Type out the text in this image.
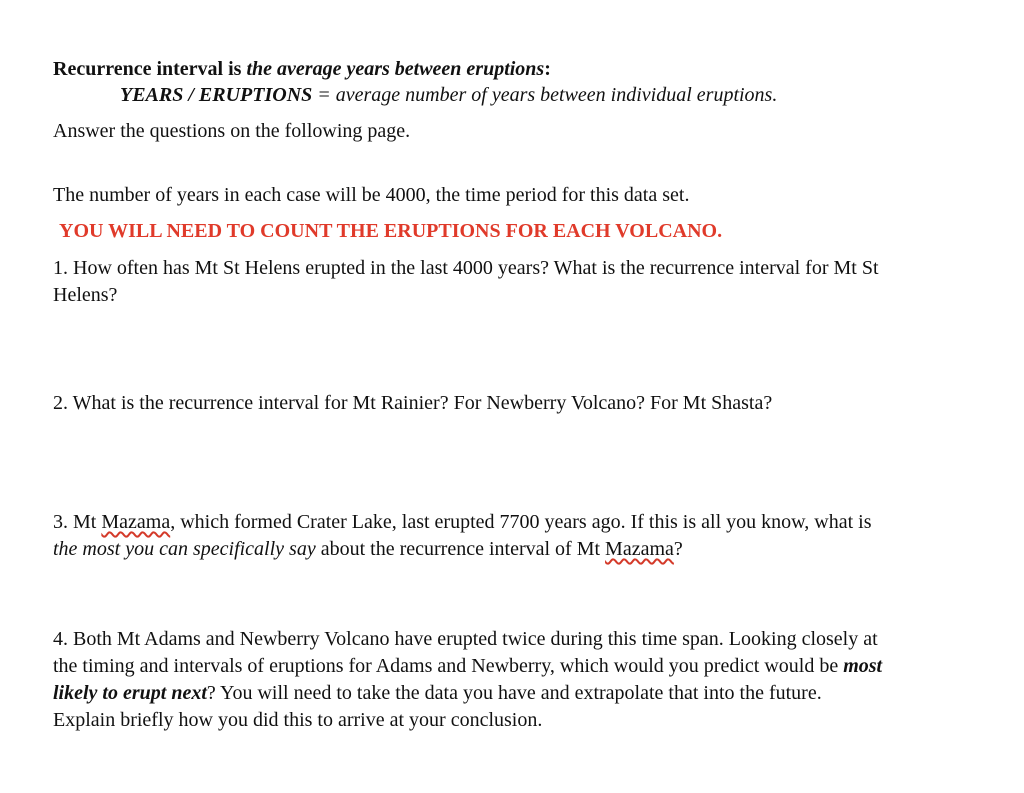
Recurrence interval is the average years between eruptions:
YEARS / ERUPTIONS = average number of years between individual eruptions.
Answer the questions on the following page.
The number of years in each case will be 4000, the time period for this data set.
YOU WILL NEED TO COUNT THE ERUPTIONS FOR EACH VOLCANO.
1. How often has Mt St Helens erupted in the last 4000 years? What is the recurrence interval for Mt St
Helens?
2. What is the recurrence interval for Mt Rainier? For Newberry Volcano? For Mt Shasta?
3. Mt Mazama, which formed Crater Lake, last erupted 7700 years ago. If this is all you know, what is
the most you can specifically say about the recurrence interval of Mt Mazama?
4. Both Mt Adams and Newberry Volcano have erupted twice during this time span. Looking closely at
the timing and intervals of eruptions for Adams and Newberry, which would you predict would be most
likely to erupt next? You will need to take the data you have and extrapolate that into the future.
Explain briefly how you did this to arrive at your conclusion.
